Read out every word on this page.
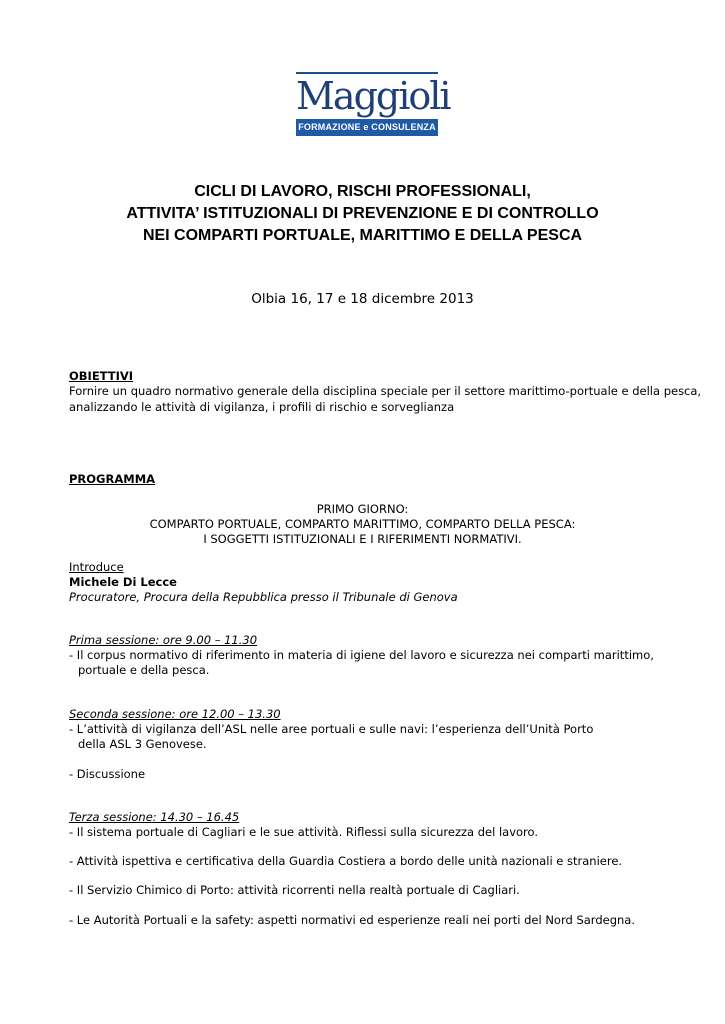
Maggioli
FORMAZIONE e CONSULENZA
CICLI DI LAVORO, RISCHI PROFESSIONALI,
ATTIVITA’ ISTITUZIONALI DI PREVENZIONE E DI CONTROLLO
NEI COMPARTI PORTUALE, MARITTIMO E DELLA PESCA
Olbia 16, 17 e 18 dicembre 2013
OBIETTIVI
Fornire un quadro normativo generale della disciplina speciale per il settore marittimo-portuale e della pesca,
analizzando le attività di vigilanza, i profili di rischio e sorveglianza
PROGRAMMA
PRIMO GIORNO:
COMPARTO PORTUALE, COMPARTO MARITTIMO, COMPARTO DELLA PESCA:
I SOGGETTI ISTITUZIONALI E I RIFERIMENTI NORMATIVI.
Introduce
Michele Di Lecce
Procuratore, Procura della Repubblica presso il Tribunale di Genova
Prima sessione: ore 9.00 – 11.30
- Il corpus normativo di riferimento in materia di igiene del lavoro e sicurezza nei comparti marittimo,
portuale e della pesca.
Seconda sessione: ore 12.00 – 13.30
- L’attività di vigilanza dell’ASL nelle aree portuali e sulle navi: l’esperienza dell’Unità Porto
della ASL 3 Genovese.
- Discussione
Terza sessione: 14.30 – 16.45
- Il sistema portuale di Cagliari e le sue attività. Riflessi sulla sicurezza del lavoro.
- Attività ispettiva e certificativa della Guardia Costiera a bordo delle unità nazionali e straniere.
- Il Servizio Chimico di Porto: attività ricorrenti nella realtà portuale di Cagliari.
- Le Autorità Portuali e la safety: aspetti normativi ed esperienze reali nei porti del Nord Sardegna.
